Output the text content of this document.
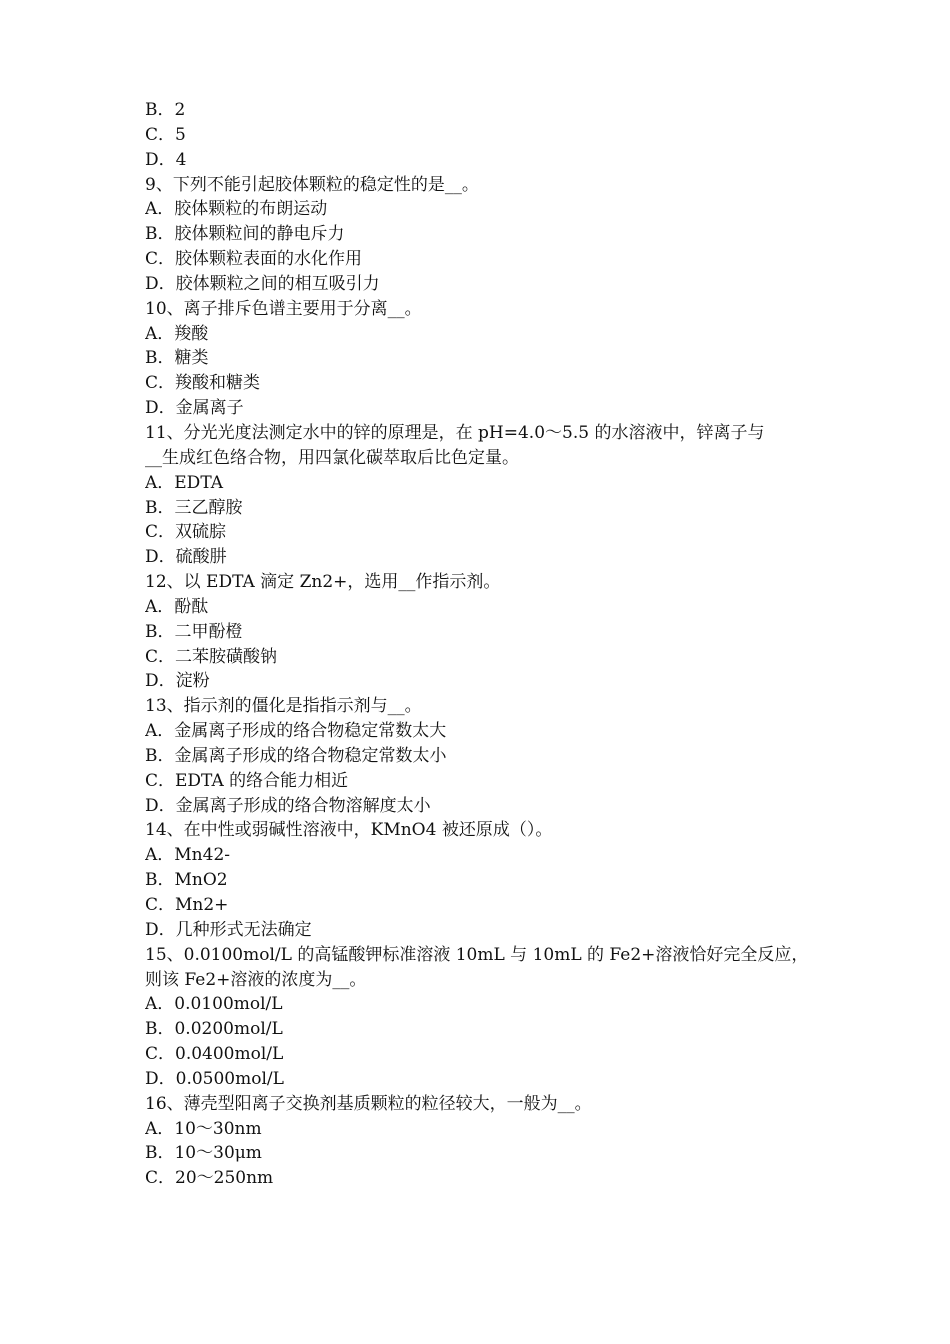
B．2
C．5
D．4
9、下列不能引起胶体颗粒的稳定性的是__。
A．胶体颗粒的布朗运动
B．胶体颗粒间的静电斥力
C．胶体颗粒表面的水化作用
D．胶体颗粒之间的相互吸引力
10、离子排斥色谱主要用于分离__。
A．羧酸
B．糖类
C．羧酸和糖类
D．金属离子
11、分光光度法测定水中的锌的原理是，在 pH=4.0～5.5 的水溶液中，锌离子与
__生成红色络合物，用四氯化碳萃取后比色定量。
A．EDTA
B．三乙醇胺
C．双硫腙
D．硫酸肼
12、以 EDTA 滴定 Zn2+，选用__作指示剂。
A．酚酞
B．二甲酚橙
C．二苯胺磺酸钠
D．淀粉
13、指示剂的僵化是指指示剂与__。
A．金属离子形成的络合物稳定常数太大
B．金属离子形成的络合物稳定常数太小
C．EDTA 的络合能力相近
D．金属离子形成的络合物溶解度太小
14、在中性或弱碱性溶液中，KMnO4 被还原成（）。
A．Mn42-
B．MnO2
C．Mn2+
D．几种形式无法确定
15、0.0100mol/L 的高锰酸钾标准溶液 10mL 与 10mL 的 Fe2+溶液恰好完全反应，
则该 Fe2+溶液的浓度为__。
A．0.0100mol/L
B．0.0200mol/L
C．0.0400mol/L
D．0.0500mol/L
16、薄壳型阳离子交换剂基质颗粒的粒径较大，一般为__。
A．10～30nm
B．10～30μm
C．20～250nm
